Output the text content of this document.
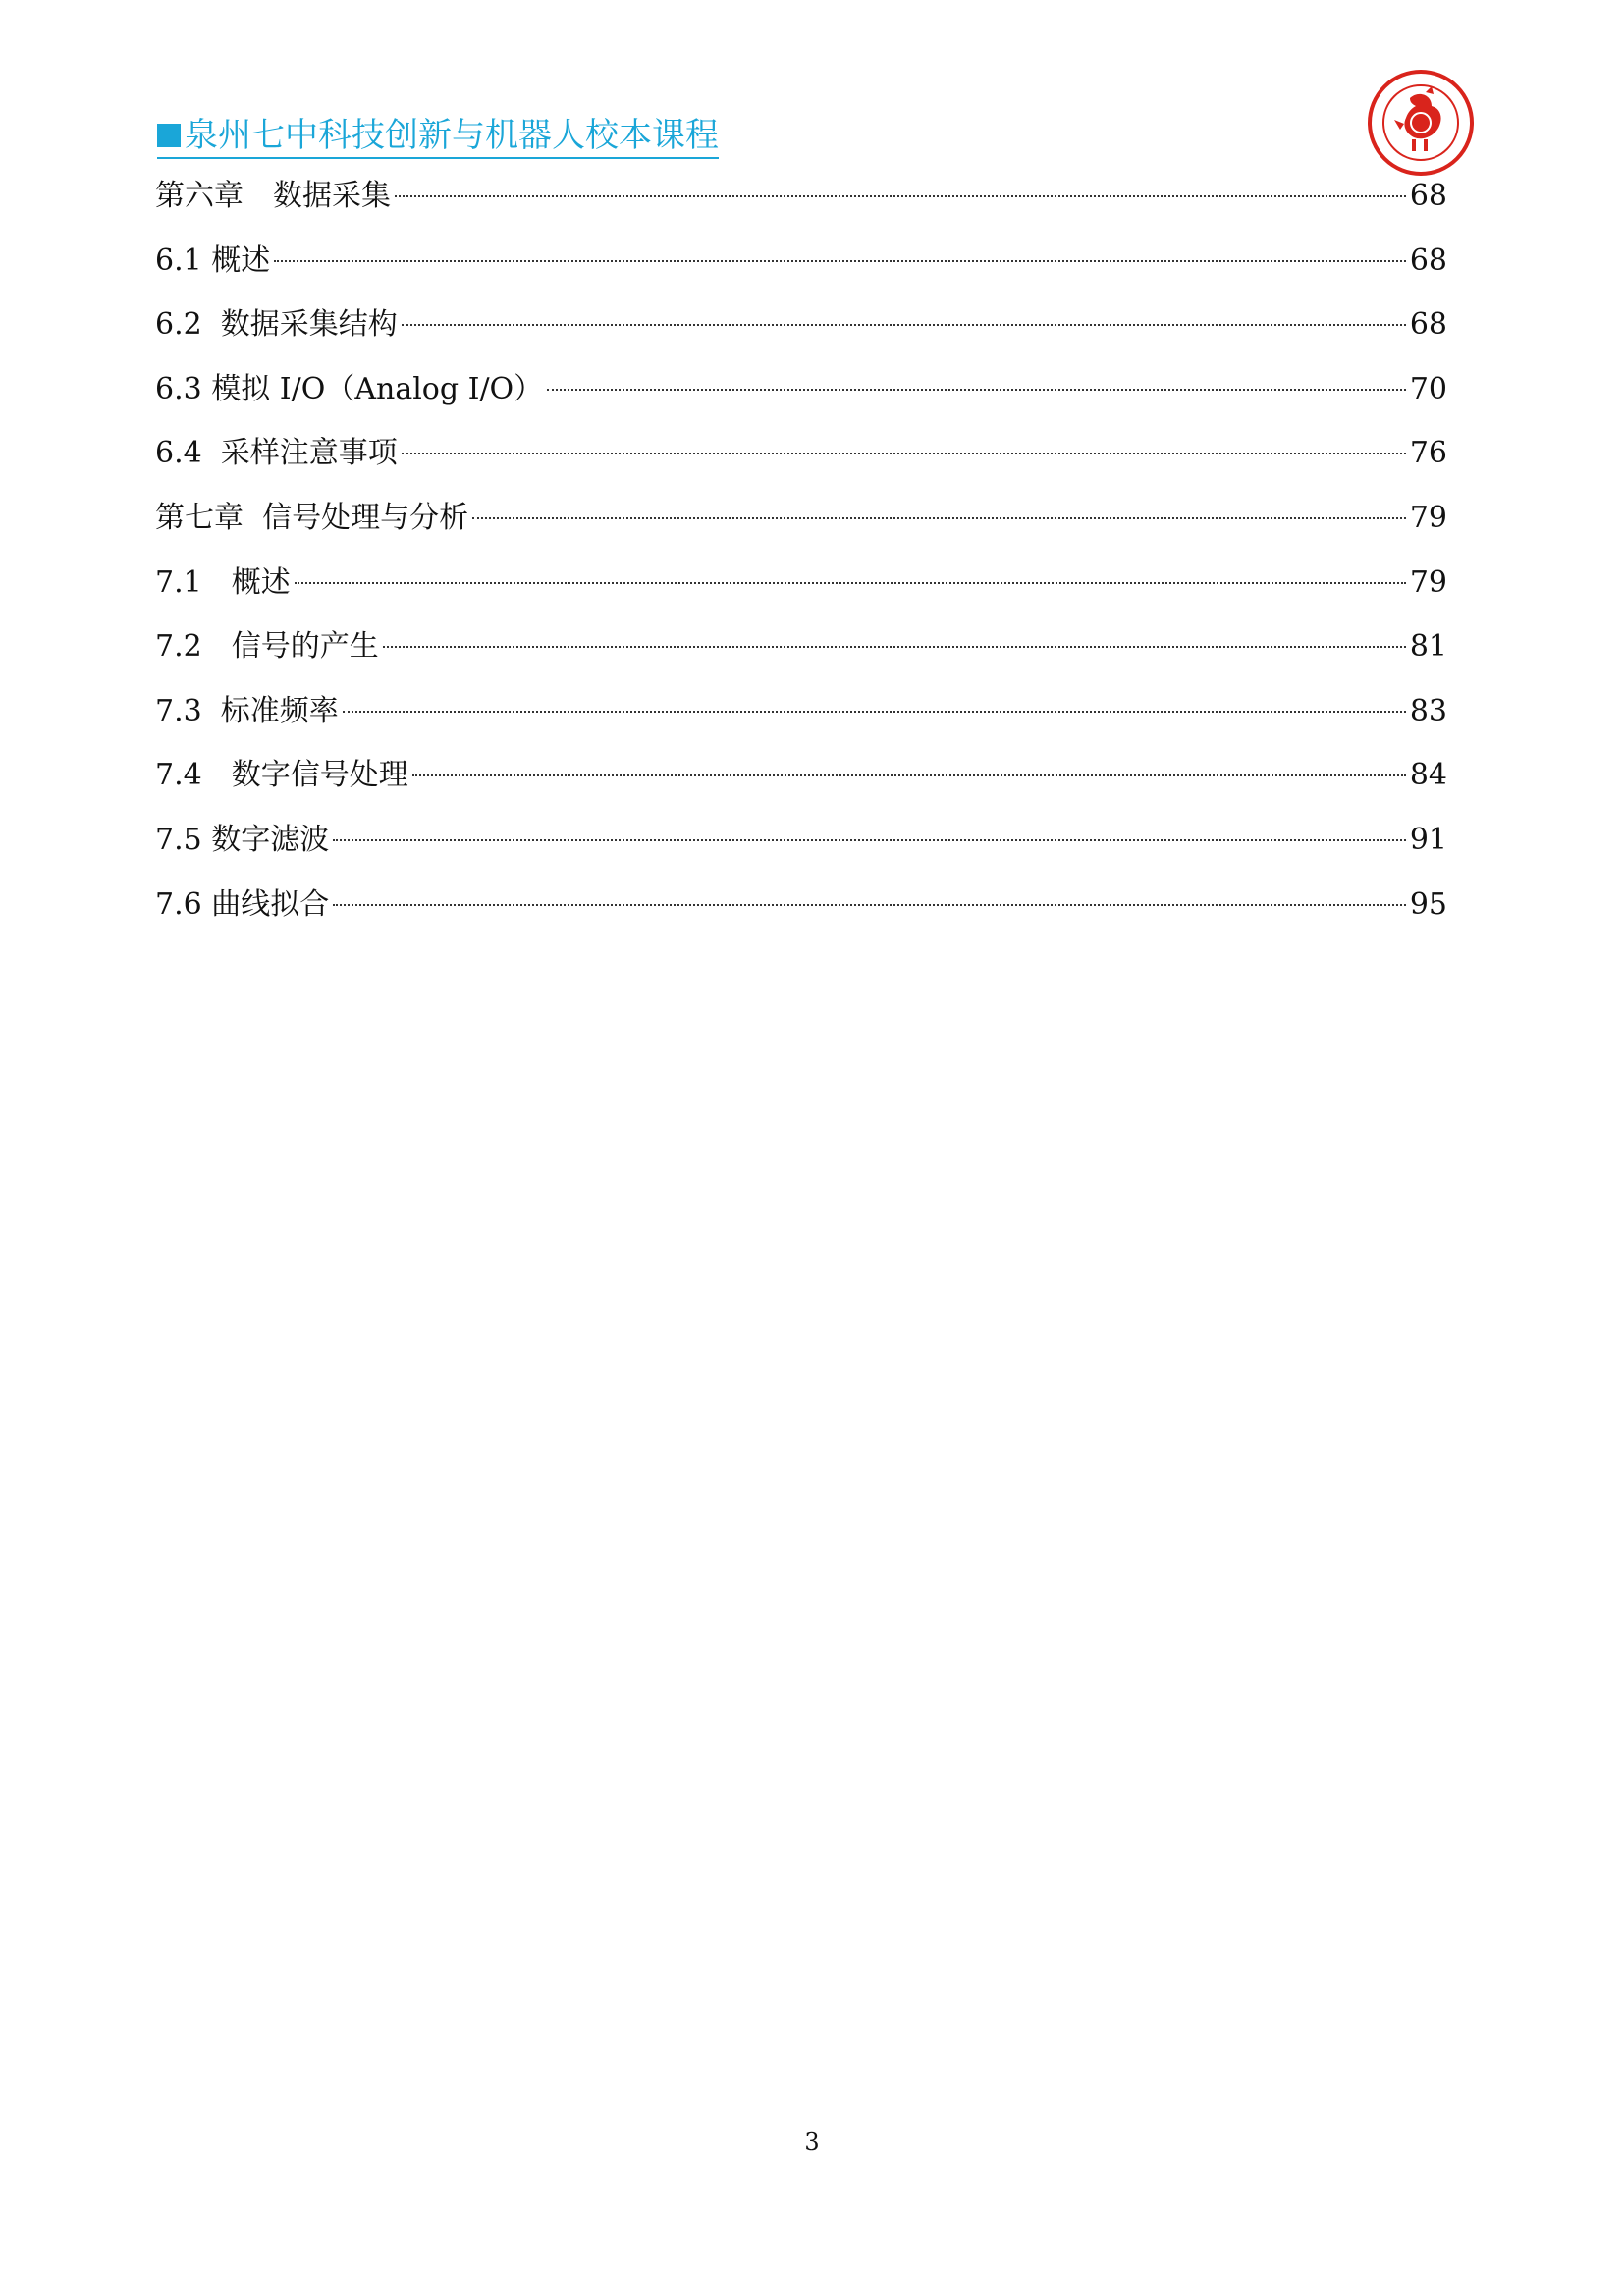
泉州七中科技创新与机器人校本课程
第六章　数据采集	68
6.1 概述	68
6.2  数据采集结构	68
6.3 模拟 I/O（Analog I/O）	70
6.4  采样注意事项	76
第七章  信号处理与分析	79
7.1　概述	79
7.2　信号的产生	81
7.3  标准频率	83
7.4　数字信号处理	84
7.5 数字滤波	91
7.6 曲线拟合	95
3
